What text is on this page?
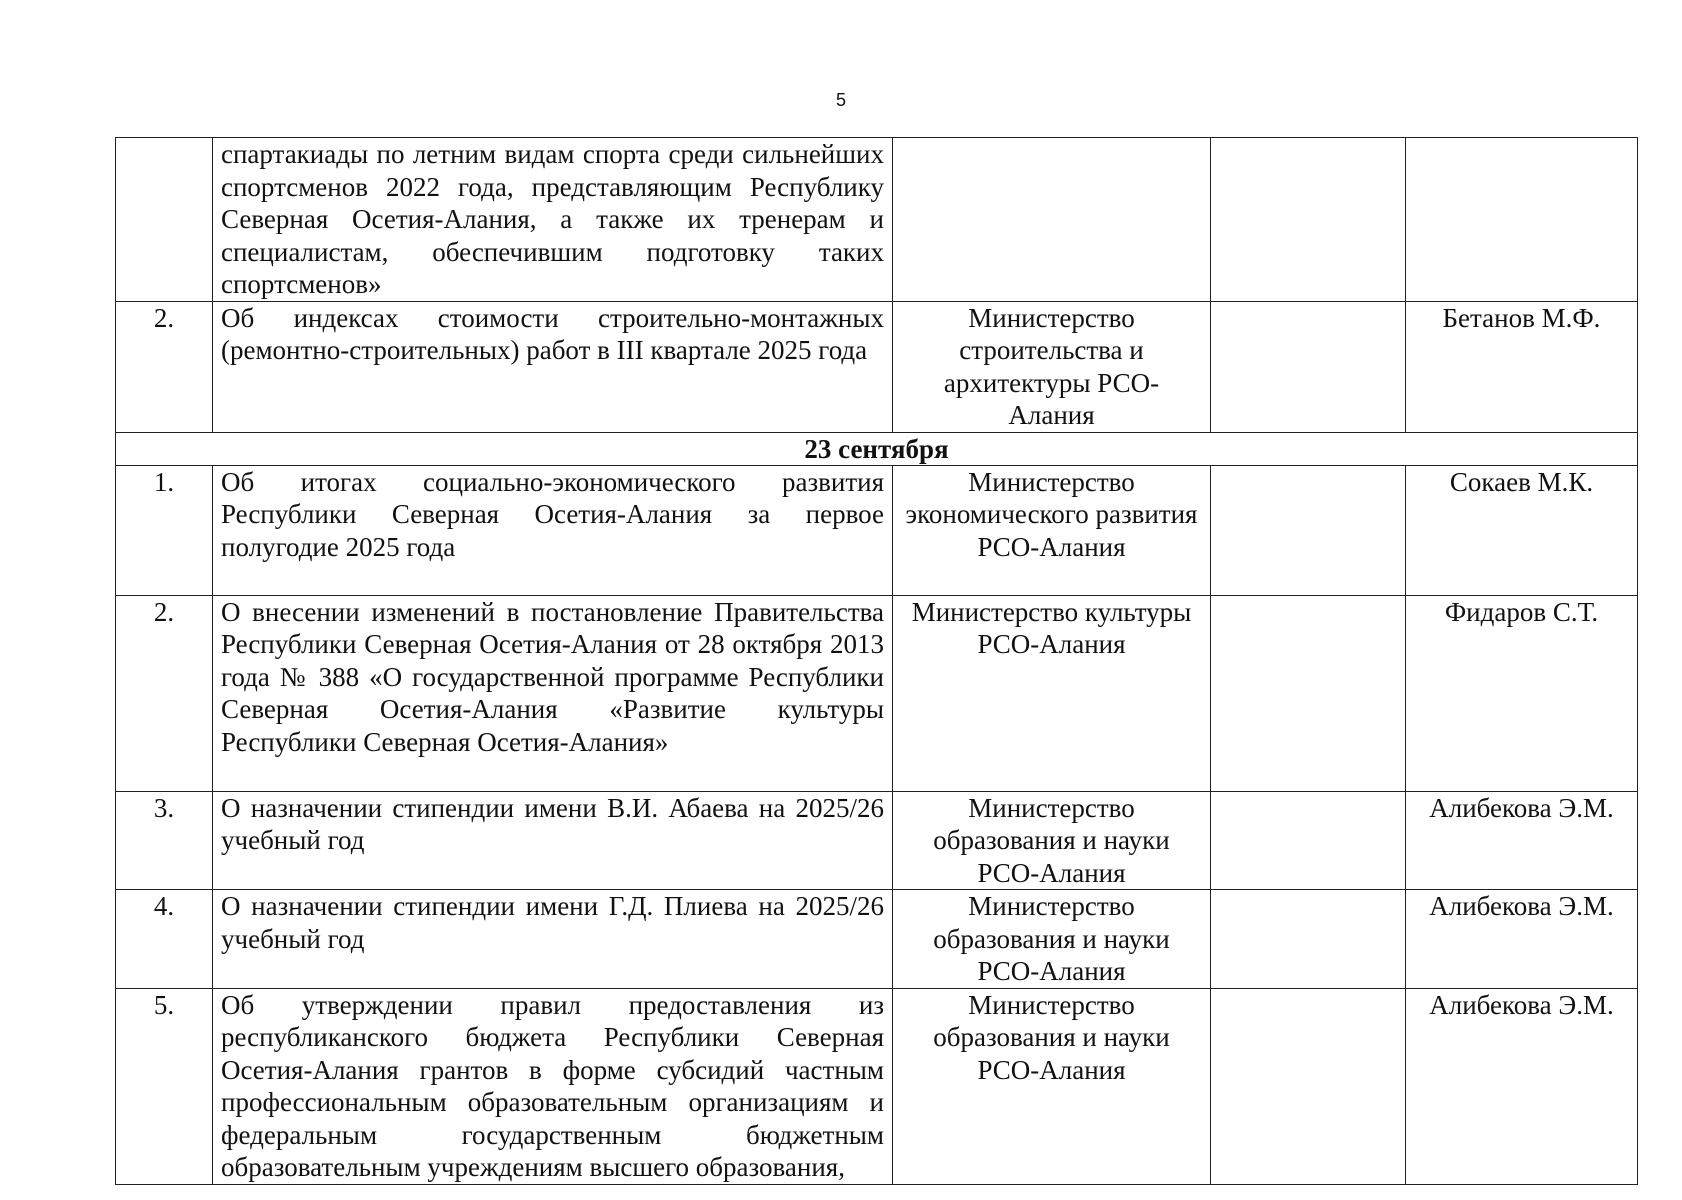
5
	спартакиады по летним видам спорта среди сильнейших спортсменов 2022 года, представляющим Республику Северная Осетия-Алания, а также их тренерам и специалистам, обеспечившим подготовку таких спортсменов»			
2.	Об индексах стоимости строительно-монтажных (ремонтно-строительных) работ в III квартале 2025 года	Министерство строительства и архитектуры РСО-Алания		Бетанов М.Ф.
23 сентября				
1.	Об итогах социально-экономического развития Республики Северная Осетия-Алания за первое полугодие 2025 года	Министерство экономического развития РСО-Алания		Сокаев М.К.
2.	О внесении изменений в постановление Правительства Республики Северная Осетия-Алания от 28 октября 2013 года № 388 «О государственной программе Республики Северная Осетия-Алания «Развитие культуры Республики Северная Осетия-Алания»	Министерство культуры РСО-Алания		Фидаров С.Т.
3.	О назначении стипендии имени В.И. Абаева на 2025/26 учебный год	Министерство образования и науки РСО-Алания		Алибекова Э.М.
4.	О назначении стипендии имени Г.Д. Плиева на 2025/26 учебный год	Министерство образования и науки РСО-Алания		Алибекова Э.М.
5.	Об утверждении правил предоставления из республиканского бюджета Республики Северная Осетия-Алания грантов в форме субсидий частным профессиональным образовательным организациям и федеральным государственным бюджетным образовательным учреждениям высшего образования,	Министерство образования и науки РСО-Алания		Алибекова Э.М.
